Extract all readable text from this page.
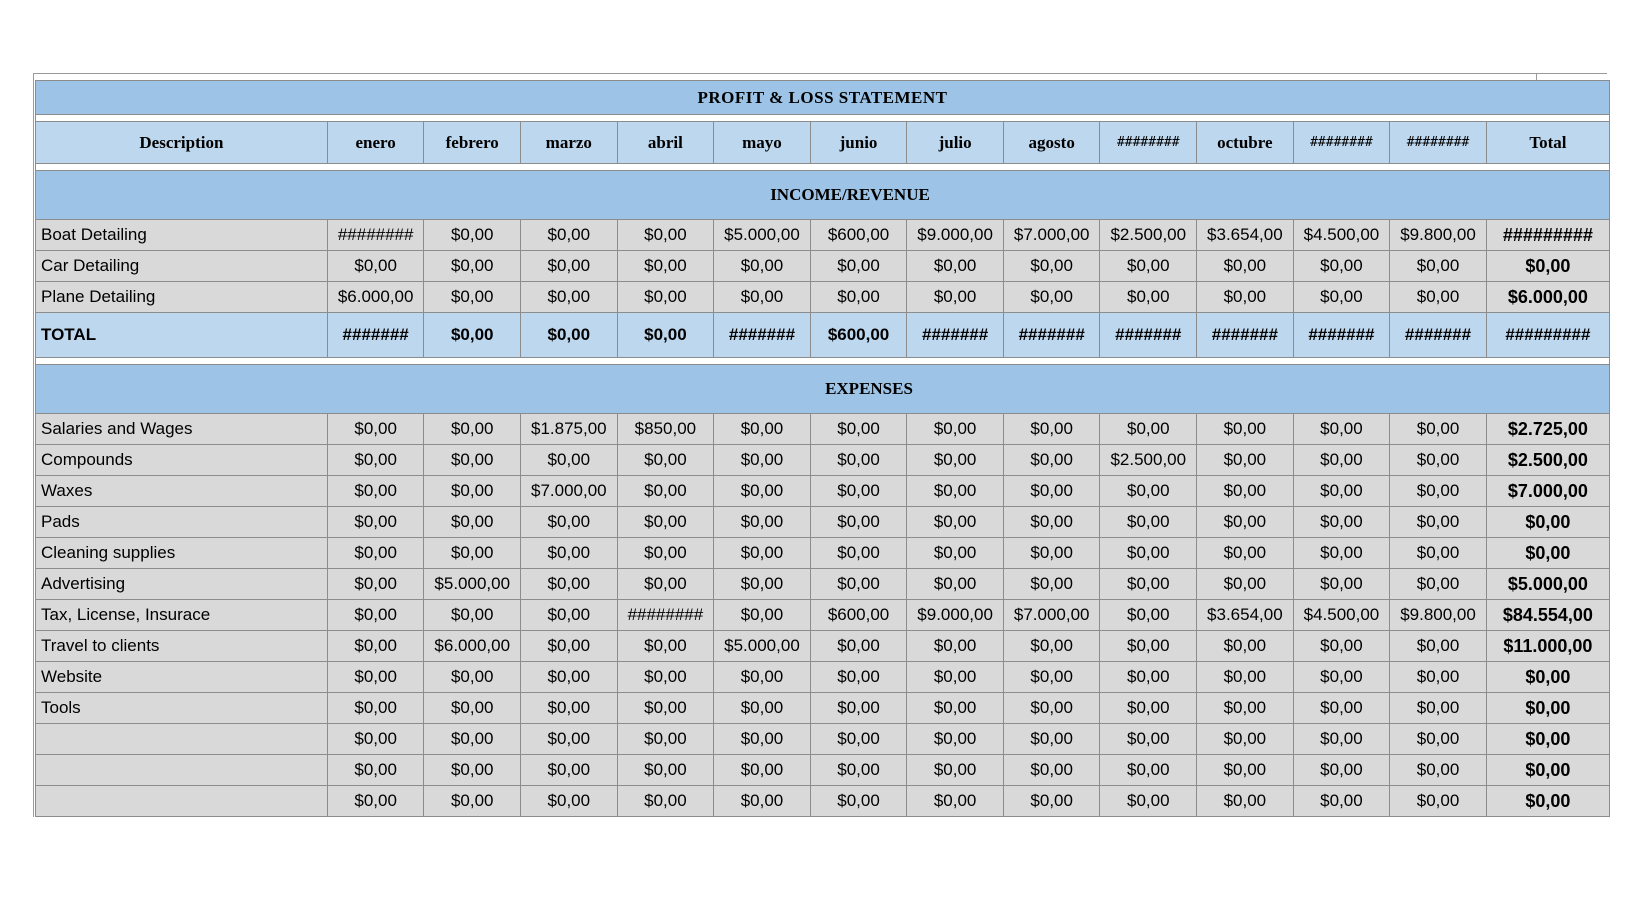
PROFIT & LOSS STATEMENT													

Description	enero	febrero	marzo	abril	mayo	junio	julio	agosto	########	octubre	########	########	Total

INCOME/REVENUE													
Boat Detailing	########	$0,00	$0,00	$0,00	$5.000,00	$600,00	$9.000,00	$7.000,00	$2.500,00	$3.654,00	$4.500,00	$9.800,00	#########
Car Detailing	$0,00	$0,00	$0,00	$0,00	$0,00	$0,00	$0,00	$0,00	$0,00	$0,00	$0,00	$0,00	$0,00
Plane Detailing	$6.000,00	$0,00	$0,00	$0,00	$0,00	$0,00	$0,00	$0,00	$0,00	$0,00	$0,00	$0,00	$6.000,00
TOTAL	#######	$0,00	$0,00	$0,00	#######	$600,00	#######	#######	#######	#######	#######	#######	#########

EXPENSES													
Salaries and Wages	$0,00	$0,00	$1.875,00	$850,00	$0,00	$0,00	$0,00	$0,00	$0,00	$0,00	$0,00	$0,00	$2.725,00
Compounds	$0,00	$0,00	$0,00	$0,00	$0,00	$0,00	$0,00	$0,00	$2.500,00	$0,00	$0,00	$0,00	$2.500,00
Waxes	$0,00	$0,00	$7.000,00	$0,00	$0,00	$0,00	$0,00	$0,00	$0,00	$0,00	$0,00	$0,00	$7.000,00
Pads	$0,00	$0,00	$0,00	$0,00	$0,00	$0,00	$0,00	$0,00	$0,00	$0,00	$0,00	$0,00	$0,00
Cleaning supplies	$0,00	$0,00	$0,00	$0,00	$0,00	$0,00	$0,00	$0,00	$0,00	$0,00	$0,00	$0,00	$0,00
Advertising	$0,00	$5.000,00	$0,00	$0,00	$0,00	$0,00	$0,00	$0,00	$0,00	$0,00	$0,00	$0,00	$5.000,00
Tax, License, Insurace	$0,00	$0,00	$0,00	########	$0,00	$600,00	$9.000,00	$7.000,00	$0,00	$3.654,00	$4.500,00	$9.800,00	$84.554,00
Travel to clients	$0,00	$6.000,00	$0,00	$0,00	$5.000,00	$0,00	$0,00	$0,00	$0,00	$0,00	$0,00	$0,00	$11.000,00
Website	$0,00	$0,00	$0,00	$0,00	$0,00	$0,00	$0,00	$0,00	$0,00	$0,00	$0,00	$0,00	$0,00
Tools	$0,00	$0,00	$0,00	$0,00	$0,00	$0,00	$0,00	$0,00	$0,00	$0,00	$0,00	$0,00	$0,00
	$0,00	$0,00	$0,00	$0,00	$0,00	$0,00	$0,00	$0,00	$0,00	$0,00	$0,00	$0,00	$0,00
	$0,00	$0,00	$0,00	$0,00	$0,00	$0,00	$0,00	$0,00	$0,00	$0,00	$0,00	$0,00	$0,00
	$0,00	$0,00	$0,00	$0,00	$0,00	$0,00	$0,00	$0,00	$0,00	$0,00	$0,00	$0,00	$0,00
